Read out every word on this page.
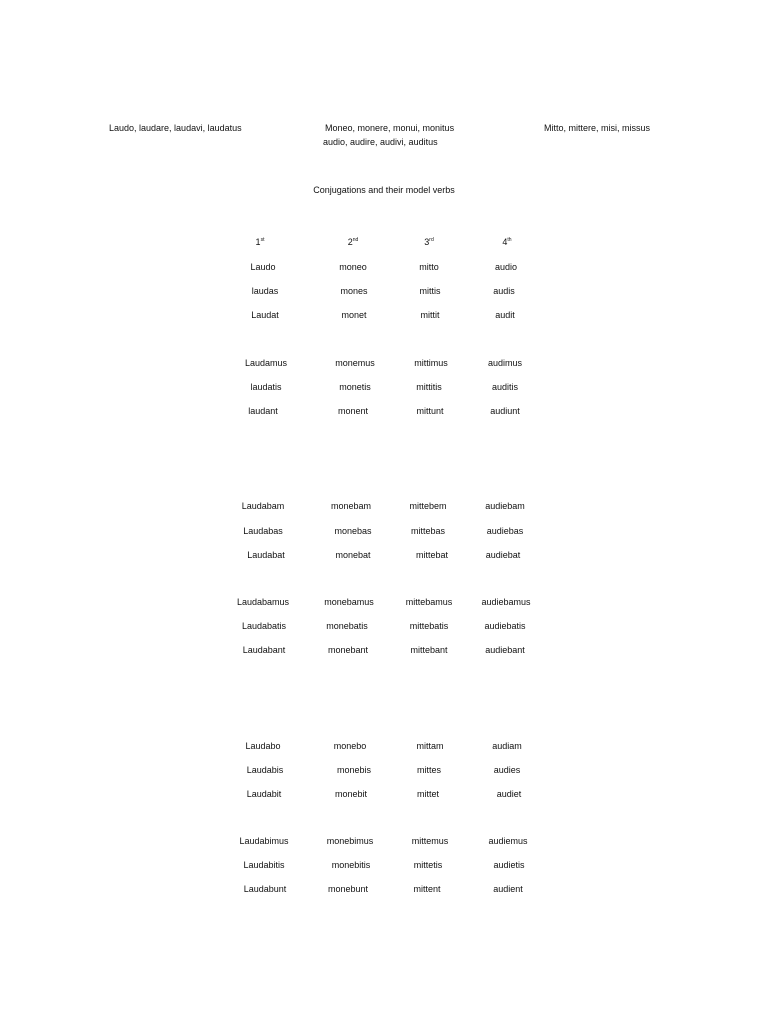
Laudo, laudare, laudavi, laudatus	Moneo, monere, monui, monitus	Mitto, mittere, misi, missus
audio, audire, audivi, auditus
Conjugations and their model verbs
1st	2nd	3rd	4th
Laudo	moneo	mitto	audio
laudas	mones	mittis	audis
Laudat	monet	mittit	audit
Laudamus	monemus	mittimus	audimus
laudatis	monetis	mittitis	auditis
laudant	monent	mittunt	audiunt
Laudabam	monebam	mittebem	audiebam
Laudabas	monebas	mittebas	audiebas
Laudabat	monebat	mittebat	audiebat
Laudabamus	monebamus	mittebamus	audiebamus
Laudabatis	monebatis	mittebatis	audiebatis
Laudabant	monebant	mittebant	audiebant
Laudabo	monebo	mittam	audiam
Laudabis	monebis	mittes	audies
Laudabit	monebit	mittet	audiet
Laudabimus	monebimus	mittemus	audiemus
Laudabitis	monebitis	mittetis	audietis
Laudabunt	monebunt	mittent	audient
